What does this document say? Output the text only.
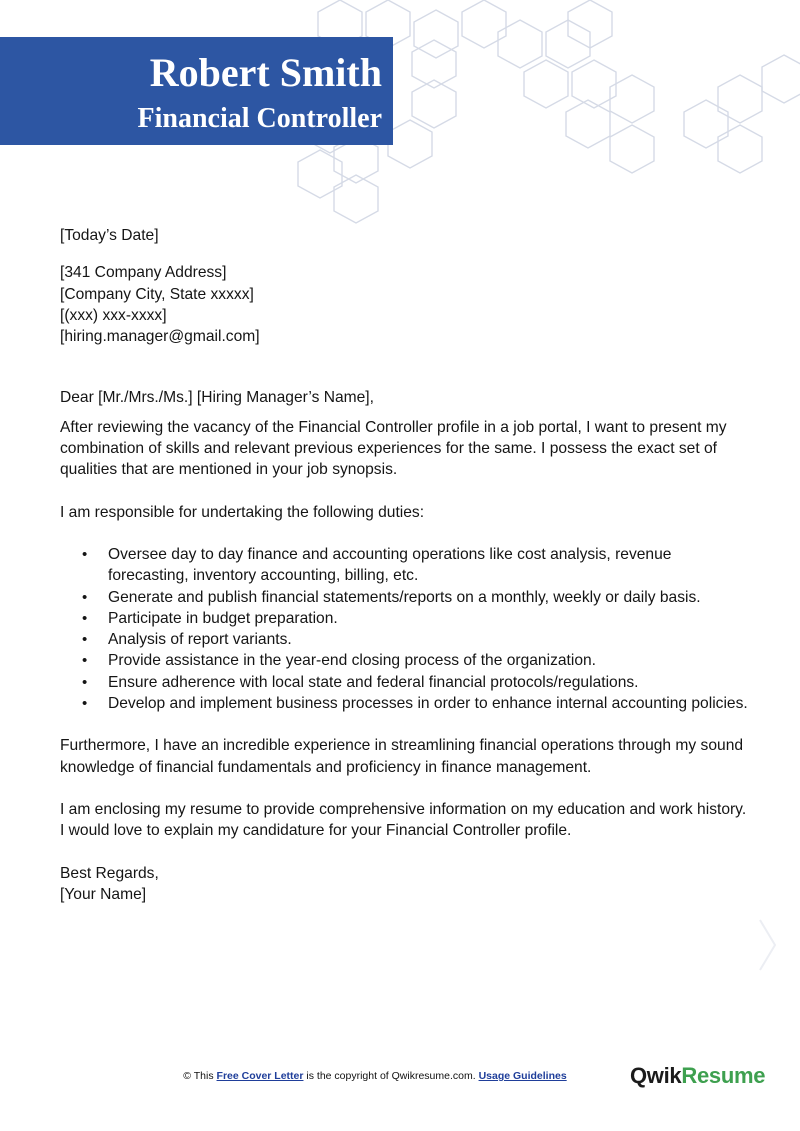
Robert Smith
Financial Controller
[Today’s Date]
[341 Company Address]
[Company City, State xxxxx]
[(xxx) xxx-xxxx]
[hiring.manager@gmail.com]

Dear [Mr./Mrs./Ms.] [Hiring Manager’s Name],

After reviewing the vacancy of the Financial Controller profile in a job portal, I want to present my combination of skills and relevant previous experiences for the same. I possess the exact set of qualities that are mentioned in your job synopsis.

I am responsible for undertaking the following duties:

• Oversee day to day finance and accounting operations like cost analysis, revenue forecasting, inventory accounting, billing, etc.
• Generate and publish financial statements/reports on a monthly, weekly or daily basis.
• Participate in budget preparation.
• Analysis of report variants.
• Provide assistance in the year-end closing process of the organization.
• Ensure adherence with local state and federal financial protocols/regulations.
• Develop and implement business processes in order to enhance internal accounting policies.

Furthermore, I have an incredible experience in streamlining financial operations through my sound knowledge of financial fundamentals and proficiency in finance management.

I am enclosing my resume to provide comprehensive information on my education and work history. I would love to explain my candidature for your Financial Controller profile.

Best Regards,
[Your Name]
© This Free Cover Letter is the copyright of Qwikresume.com. Usage Guidelines	QwikResume
